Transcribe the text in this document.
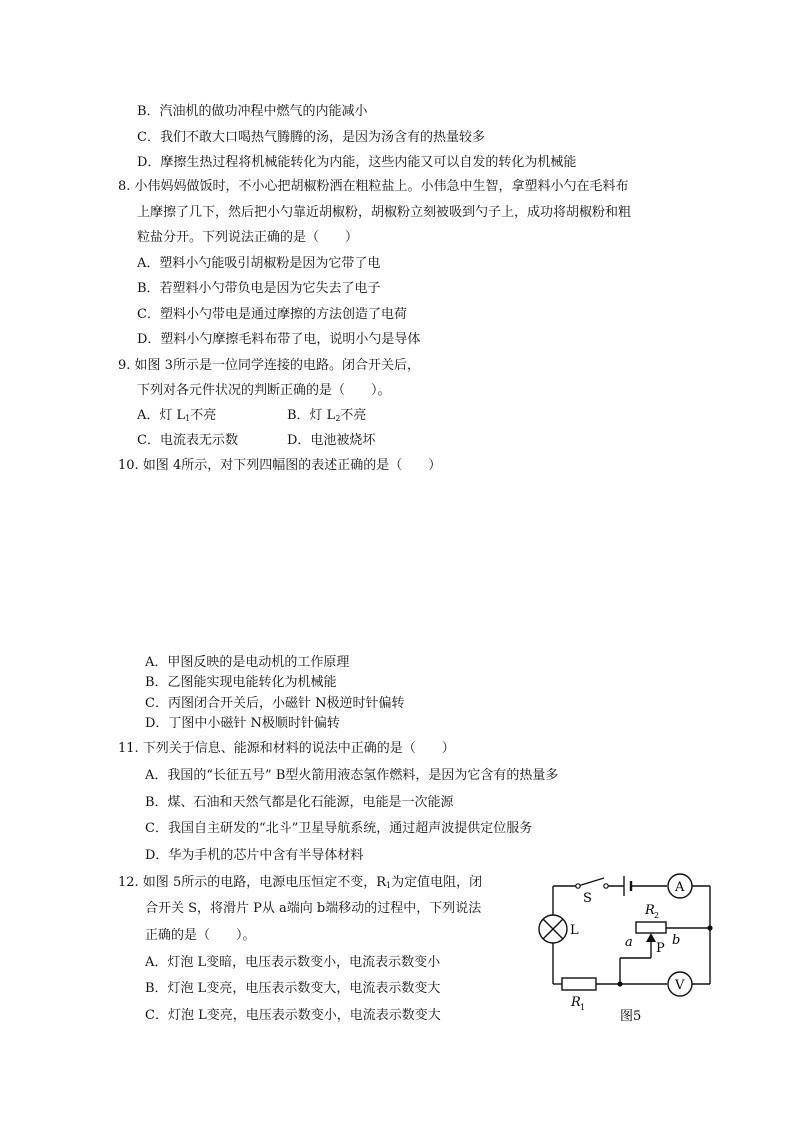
B．汽油机的做功冲程中燃气的内能减小
C．我们不敢大口喝热气腾腾的汤，是因为汤含有的热量较多
D．摩擦生热过程将机械能转化为内能，这些内能又可以自发的转化为机械能
8. 小伟妈妈做饭时，不小心把胡椒粉洒在粗粒盐上。小伟急中生智，拿塑料小勺在毛料布
上摩擦了几下，然后把小勺靠近胡椒粉，胡椒粉立刻被吸到勺子上，成功将胡椒粉和粗
粒盐分开。下列说法正确的是（　　）
A．塑料小勺能吸引胡椒粉是因为它带了电
B．若塑料小勺带负电是因为它失去了电子
C．塑料小勺带电是通过摩擦的方法创造了电荷
D．塑料小勺摩擦毛料布带了电，说明小勺是导体
9. 如图 3所示是一位同学连接的电路。闭合开关后，
下列对各元件状况的判断正确的是（　　）。
A．灯 $L_1$不亮	B．灯 $L_2$不亮
C．电流表无示数	D．电池被烧坏
10. 如图 4所示，对下列四幅图的表述正确的是（　　）
A．甲图反映的是电动机的工作原理
B．乙图能实现电能转化为机械能
C．丙图闭合开关后，小磁针 N极逆时针偏转
D．丁图中小磁针 N极顺时针偏转
11. 下列关于信息、能源和材料的说法中正确的是（　　）
A．我国的“长征五号” B型火箭用液态氢作燃料，是因为它含有的热量多
B．煤、石油和天然气都是化石能源，电能是一次能源
C．我国自主研发的“北斗”卫星导航系统，通过超声波提供定位服务
D．华为手机的芯片中含有半导体材料
12. 如图 5所示的电路，电源电压恒定不变，$R_1$为定值电阻，闭
合开关 S，将滑片 P从 a端向 b端移动的过程中，下列说法
正确的是（　　）。
A．灯泡 L变暗，电压表示数变小，电流表示数变小
B．灯泡 L变亮，电压表示数变大，电流表示数变大
C．灯泡 L变亮，电压表示数变小，电流表示数变大
S
L
A
V
R 2
R 1
P
a	b
图5
